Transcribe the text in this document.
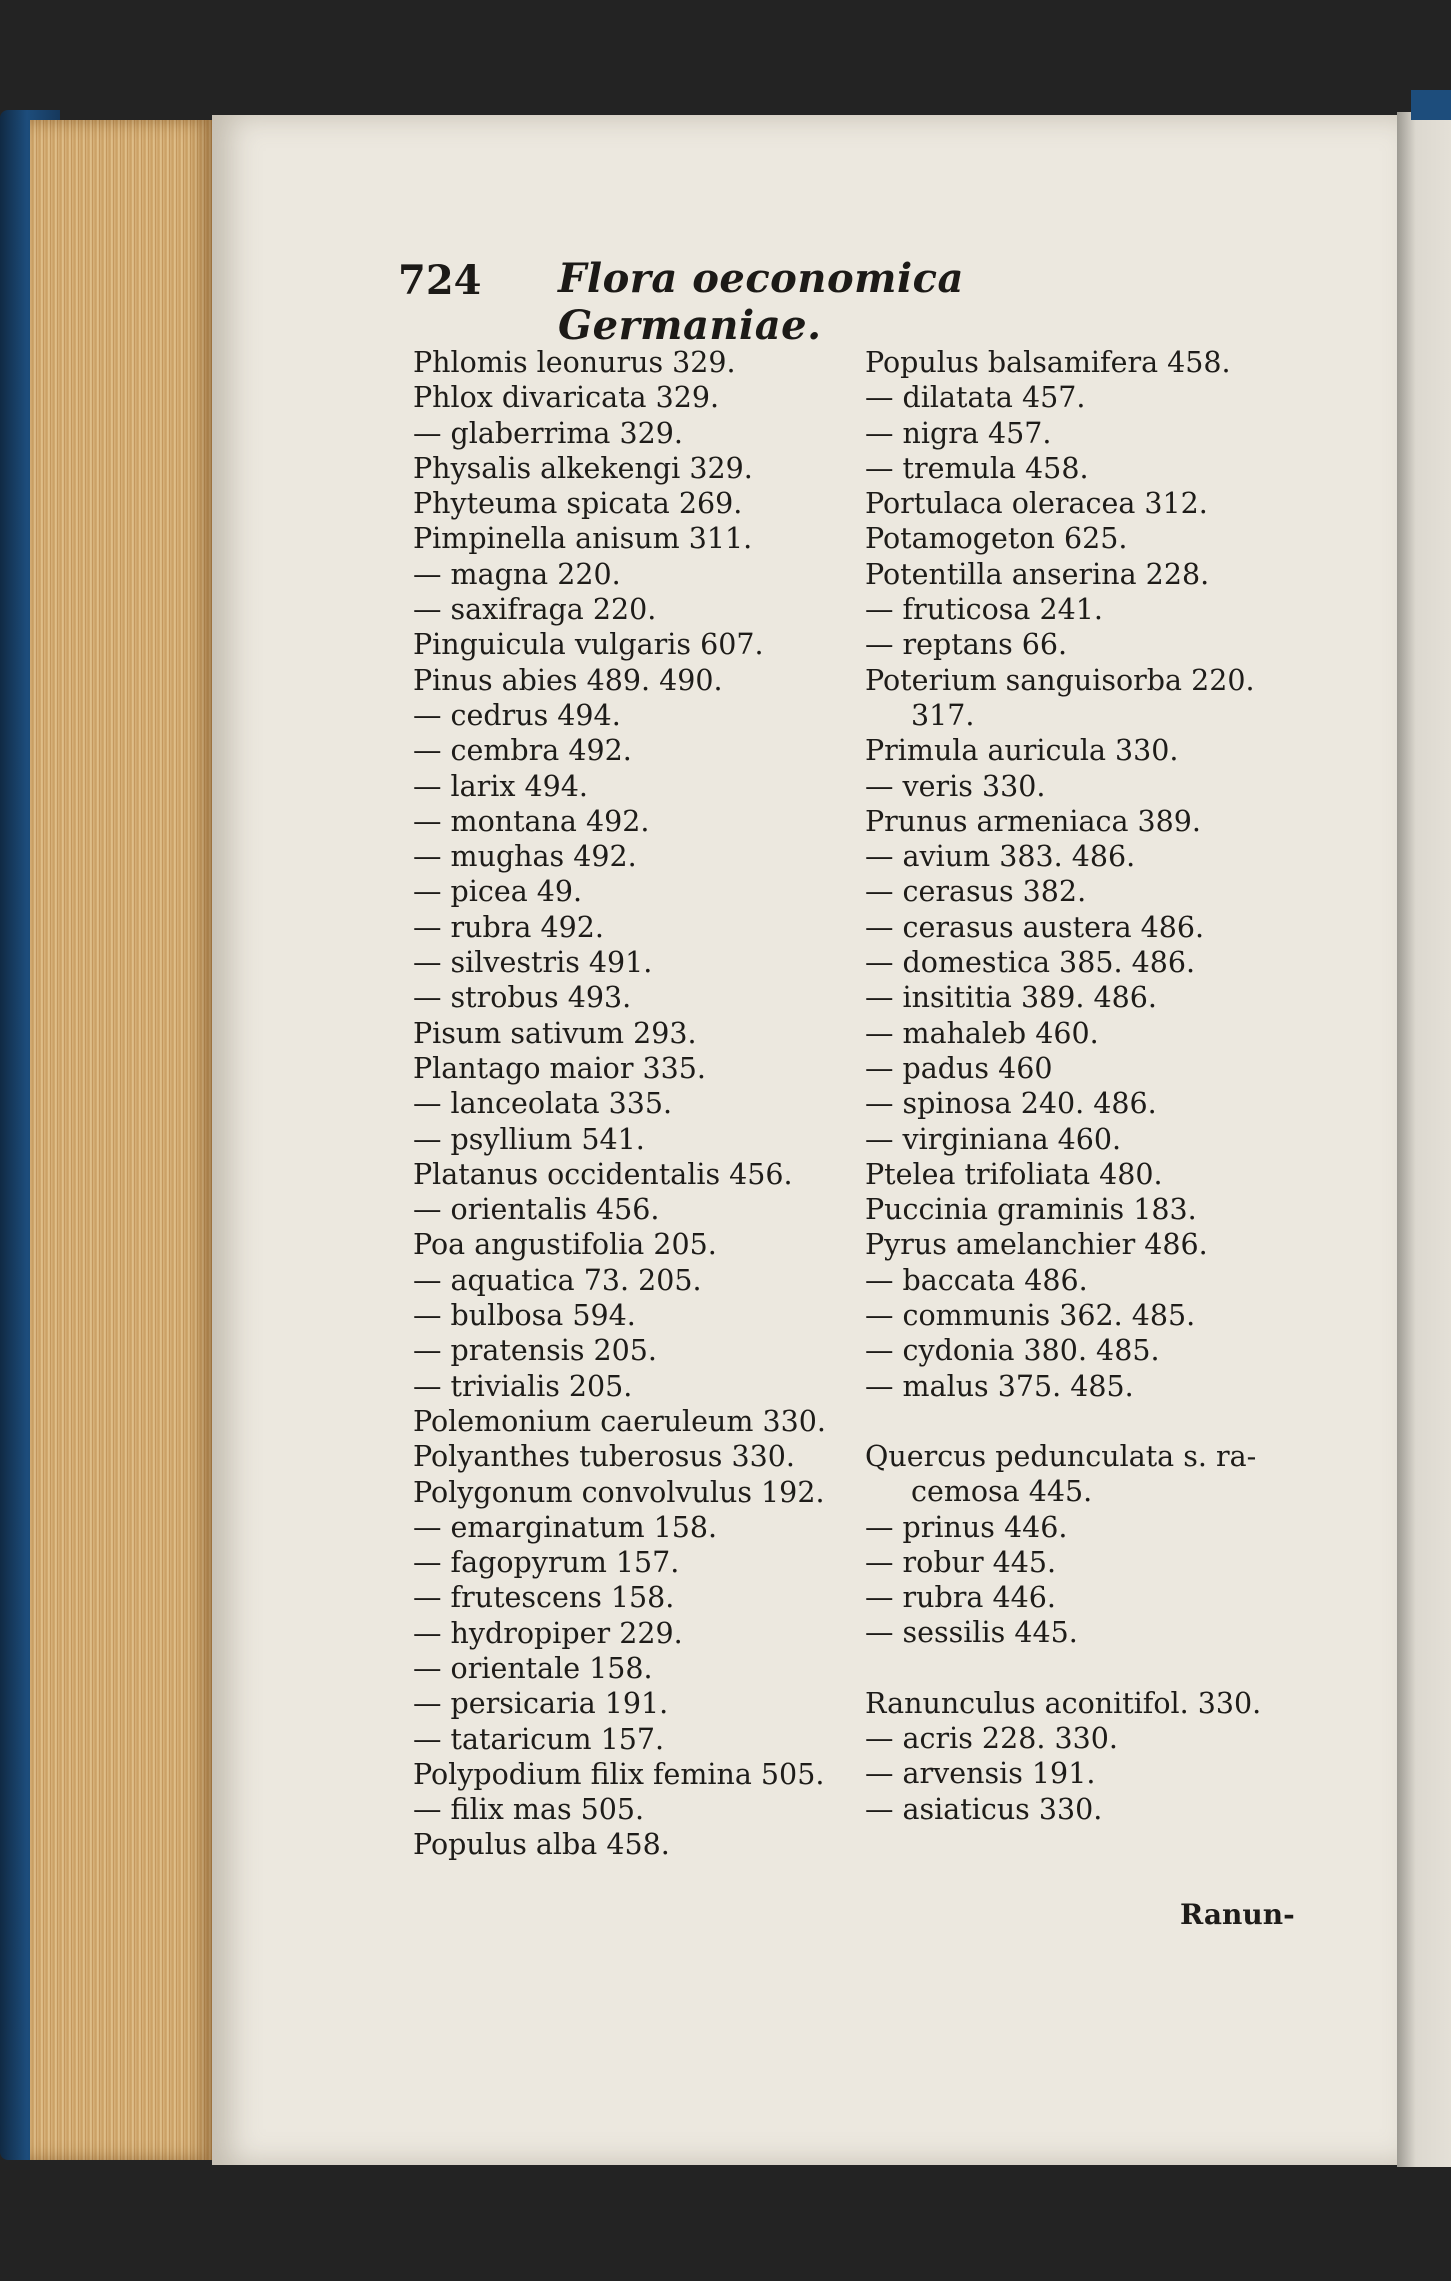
724 Flora oeconomica Germaniae.
Phlomis leonurus 329.
Phlox divaricata 329.
— glaberrima 329.
Physalis alkekengi 329.
Phyteuma spicata 269.
Pimpinella anisum 311.
— magna 220.
— saxifraga 220.
Pinguicula vulgaris 607.
Pinus abies 489. 490.
— cedrus 494.
— cembra 492.
— larix 494.
— montana 492.
— mughas 492.
— picea 49.
— rubra 492.
— silvestris 491.
— strobus 493.
Pisum sativum 293.
Plantago maior 335.
— lanceolata 335.
— psyllium 541.
Platanus occidentalis 456.
— orientalis 456.
Poa angustifolia 205.
— aquatica 73. 205.
— bulbosa 594.
— pratensis 205.
— trivialis 205.
Polemonium caeruleum 330.
Polyanthes tuberosus 330.
Polygonum convolvulus 192.
— emarginatum 158.
— fagopyrum 157.
— frutescens 158.
— hydropiper 229.
— orientale 158.
— persicaria 191.
— tataricum 157.
Polypodium filix femina 505.
— filix mas 505.
Populus alba 458.
Populus balsamifera 458.
— dilatata 457.
— nigra 457.
— tremula 458.
Portulaca oleracea 312.
Potamogeton 625.
Potentilla anserina 228.
— fruticosa 241.
— reptans 66.
Poterium sanguisorba 220.
317.
Primula auricula 330.
— veris 330.
Prunus armeniaca 389.
— avium 383. 486.
— cerasus 382.
— cerasus austera 486.
— domestica 385. 486.
— insititia 389. 486.
— mahaleb 460.
— padus 460
— spinosa 240. 486.
— virginiana 460.
Ptelea trifoliata 480.
Puccinia graminis 183.
Pyrus amelanchier 486.
— baccata 486.
— communis 362. 485.
— cydonia 380. 485.
— malus 375. 485.
Quercus pedunculata s. ra-
cemosa 445.
— prinus 446.
— robur 445.
— rubra 446.
— sessilis 445.
Ranunculus aconitifol. 330.
— acris 228. 330.
— arvensis 191.
— asiaticus 330.
Ranun-
